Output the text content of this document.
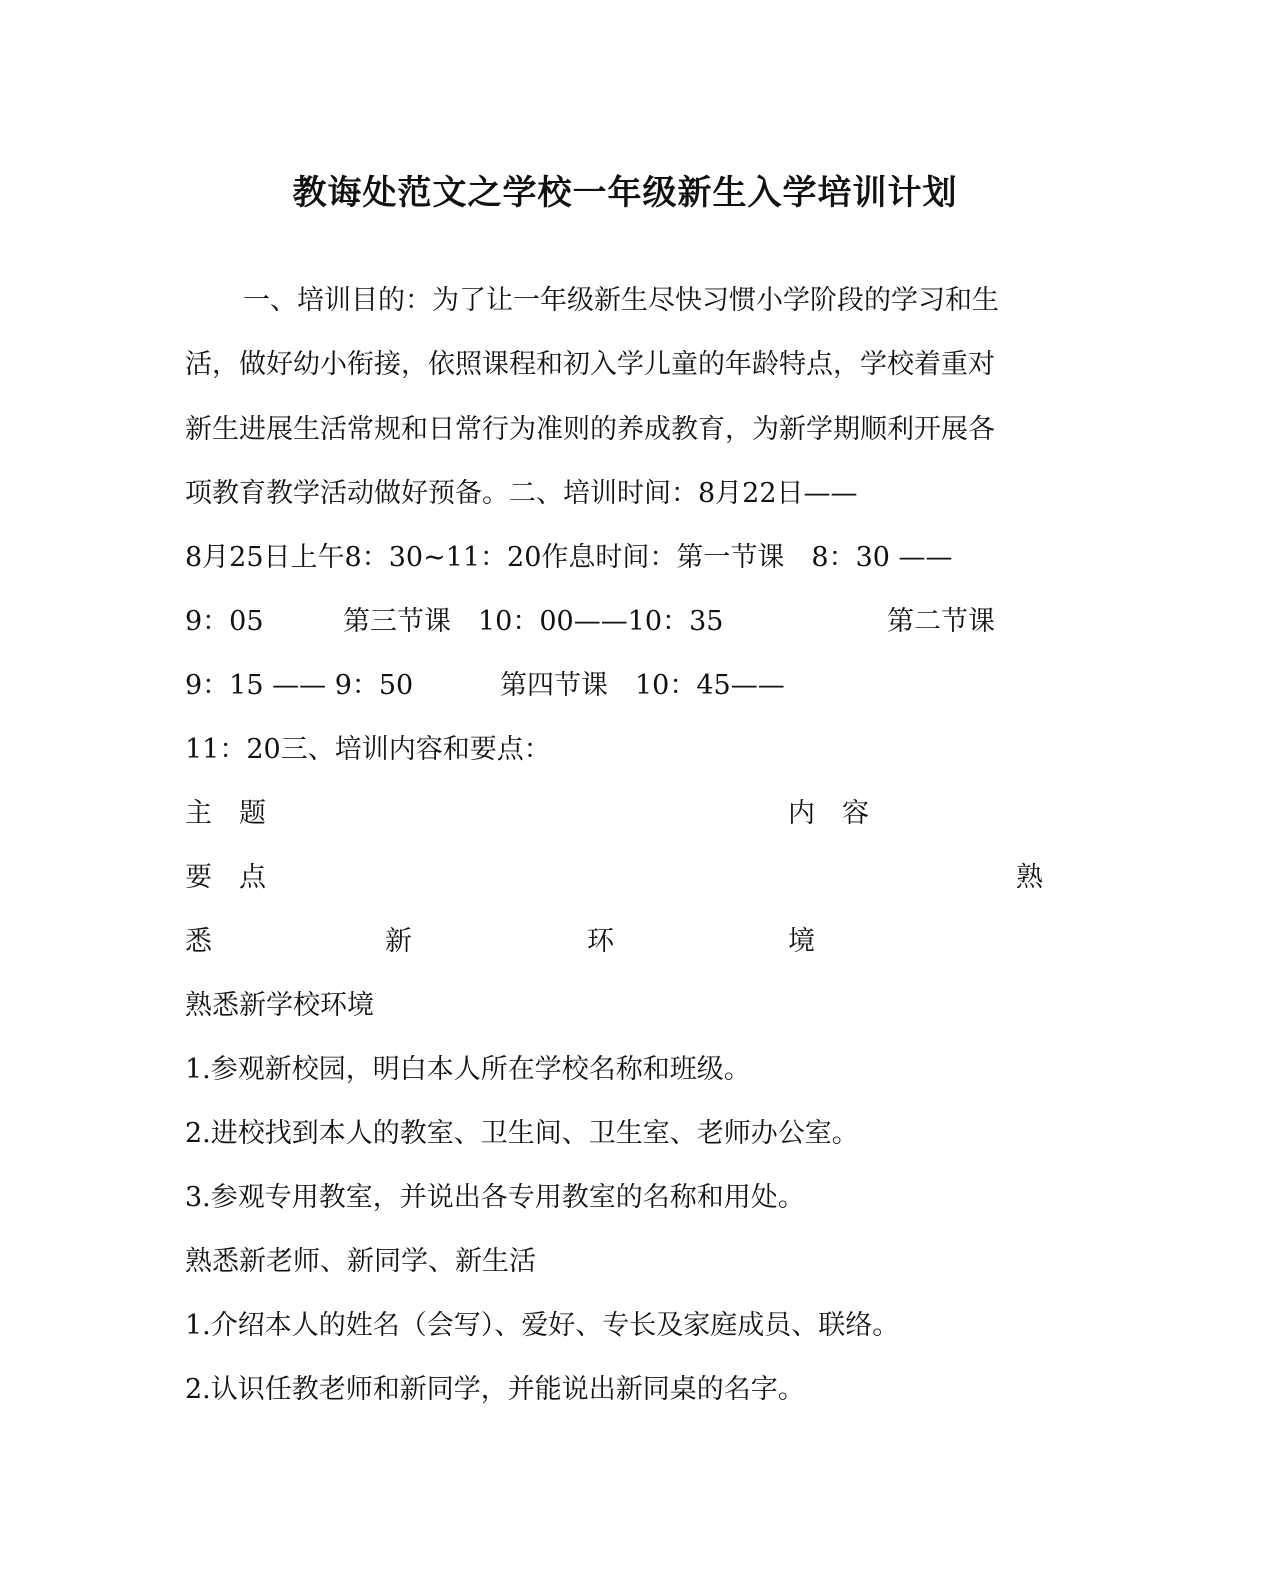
教诲处范文之学校一年级新生入学培训计划
一、培训目的：为了让一年级新生尽快习惯小学阶段的学习和生
活，做好幼小衔接，依照课程和初入学儿童的年龄特点，学校着重对
新生进展生活常规和日常行为准则的养成教育，为新学期顺利开展各
项教育教学活动做好预备。二、培训时间：8月22日——
8月25日上午8：30~11：20作息时间：第一节课　8：30 ——
9：05	第三节课　10：00——10：35	第二节课
9：15 —— 9：50	第四节课　10：45——
11：20三、培训内容和要点：
主　题	内　容
要　点	熟
悉	新	环	境
熟悉新学校环境
1.参观新校园，明白本人所在学校名称和班级。
2.进校找到本人的教室、卫生间、卫生室、老师办公室。
3.参观专用教室，并说出各专用教室的名称和用处。
熟悉新老师、新同学、新生活
1.介绍本人的姓名（会写）、爱好、专长及家庭成员、联络。
2.认识任教老师和新同学，并能说出新同桌的名字。
